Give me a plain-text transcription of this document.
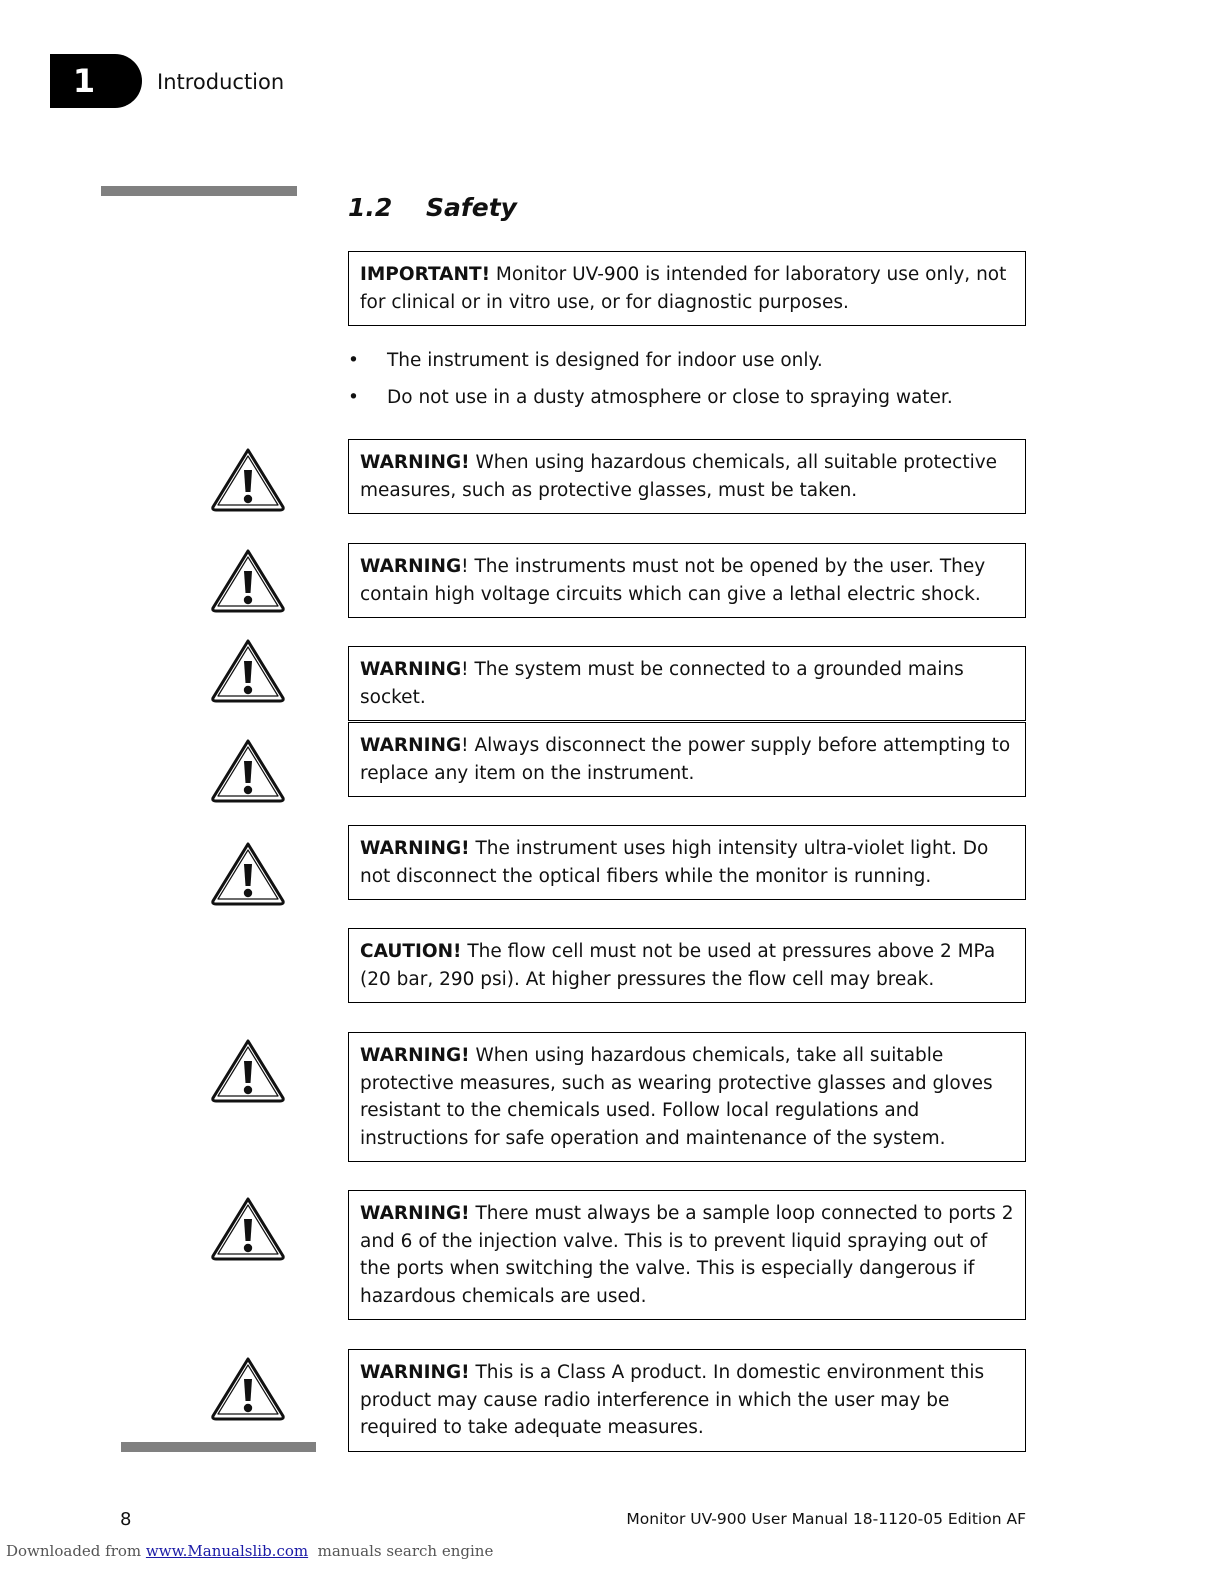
1	Introduction
1.2 Safety
IMPORTANT! Monitor UV-900 is intended for laboratory use only, not for clinical or in vitro use, or for diagnostic purposes.
• The instrument is designed for indoor use only.
• Do not use in a dusty atmosphere or close to spraying water.
WARNING! When using hazardous chemicals, all suitable protective measures, such as protective glasses, must be taken.
WARNING! The instruments must not be opened by the user. They contain high voltage circuits which can give a lethal electric shock.
WARNING! The system must be connected to a grounded mains socket.
WARNING! Always disconnect the power supply before attempting to replace any item on the instrument.
WARNING! The instrument uses high intensity ultra-violet light. Do not disconnect the optical fibers while the monitor is running.
CAUTION! The flow cell must not be used at pressures above 2 MPa (20 bar, 290 psi). At higher pressures the flow cell may break.
WARNING! When using hazardous chemicals, take all suitable protective measures, such as wearing protective glasses and gloves resistant to the chemicals used. Follow local regulations and instructions for safe operation and maintenance of the system.
WARNING! There must always be a sample loop connected to ports 2 and 6 of the injection valve. This is to prevent liquid spraying out of the ports when switching the valve. This is especially dangerous if hazardous chemicals are used.
WARNING! This is a Class A product. In domestic environment this product may cause radio interference in which the user may be required to take adequate measures.
8	Monitor UV-900 User Manual 18-1120-05 Edition AF
Downloaded from www.Manualslib.com  manuals search engine
